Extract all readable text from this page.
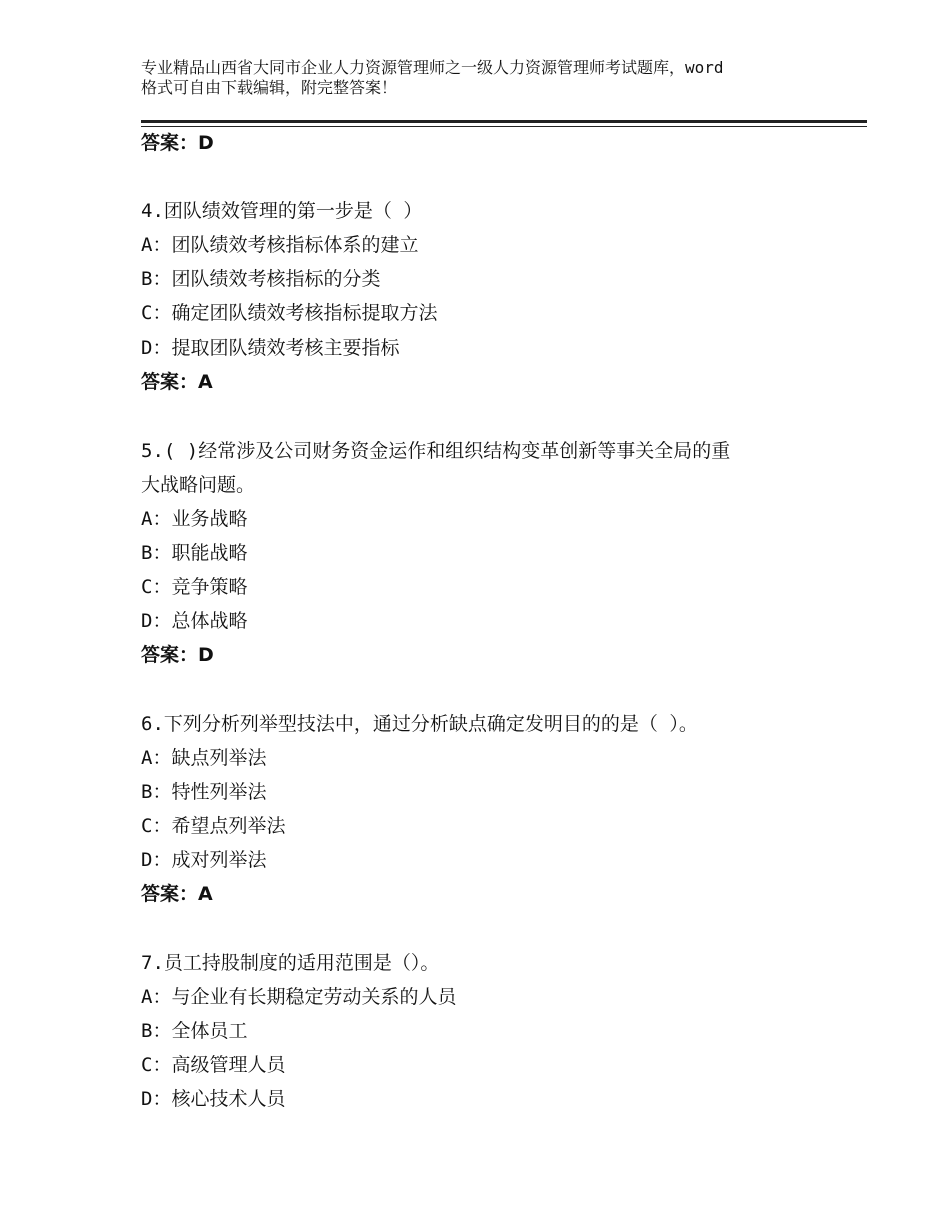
专业精品山西省大同市企业人力资源管理师之一级人力资源管理师考试题库，word
格式可自由下载编辑，附完整答案！
答案：D
4.团队绩效管理的第一步是（ ）
A：团队绩效考核指标体系的建立
B：团队绩效考核指标的分类
C：确定团队绩效考核指标提取方法
D：提取团队绩效考核主要指标
答案：A
5.( )经常涉及公司财务资金运作和组织结构变革创新等事关全局的重
大战略问题。
A：业务战略
B：职能战略
C：竞争策略
D：总体战略
答案：D
6.下列分析列举型技法中，通过分析缺点确定发明目的的是（ ）。
A：缺点列举法
B：特性列举法
C：希望点列举法
D：成对列举法
答案：A
7.员工持股制度的适用范围是（）。
A：与企业有长期稳定劳动关系的人员
B：全体员工
C：高级管理人员
D：核心技术人员
